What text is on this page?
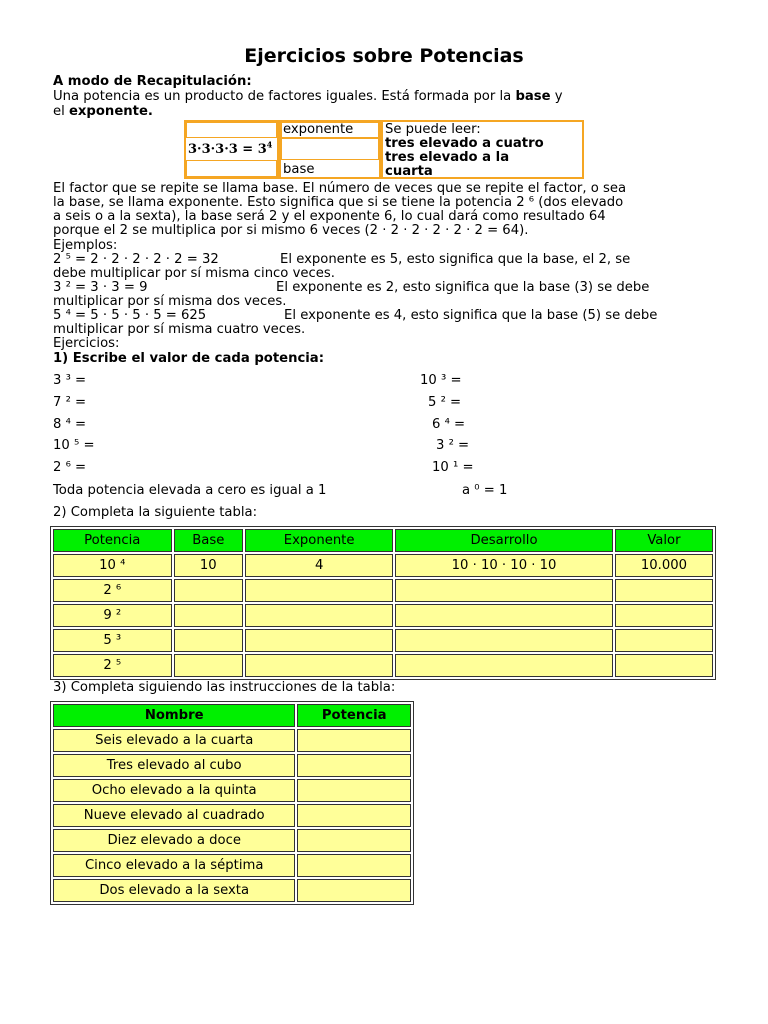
Ejercicios sobre Potencias
A modo de Recapitulación:
Una potencia es un producto de factores iguales. Está formada por la base y
el exponente.
$3\cdot 3\cdot 3\cdot 3 = 3^4$
exponente
base
Se puede leer:
tres elevado a cuatro
tres elevado a la
cuarta
El factor que se repite se llama base. El número de veces que se repite el factor, o sea
la base, se llama exponente. Esto significa que si se tiene la potencia 2 ⁶ (dos elevado
a seis o a la sexta), la base será 2 y el exponente 6, lo cual dará como resultado 64
porque el 2 se multiplica por si mismo 6 veces (2 · 2 · 2 · 2 · 2 · 2 = 64).
Ejemplos:
2 ⁵ = 2 · 2 · 2 · 2 · 2 = 32	El exponente es 5, esto significa que la base, el 2, se
debe multiplicar por sí misma cinco veces.
3 ² = 3 · 3 = 9	El exponente es 2, esto significa que la base (3) se debe
multiplicar por sí misma dos veces.
5 ⁴ = 5 · 5 · 5 · 5 = 625	El exponente es 4, esto significa que la base (5) se debe
multiplicar por sí misma cuatro veces.
Ejercicios:
1) Escribe el valor de cada potencia:
3 ³ =
7 ² =
8 ⁴ =
10 ⁵ =
2 ⁶ =
10 ³ =
5 ² =
6 ⁴ =
3 ² =
10 ¹ =
Toda potencia elevada a cero es igual a 1	a ⁰ = 1
2) Completa la siguiente tabla:
Potencia	Base	Exponente	Desarrollo	Valor
10 ⁴	10	4	10 · 10 · 10 · 10	10.000
2 ⁶				
9 ²				
5 ³				
2 ⁵				
3) Completa siguiendo las instrucciones de la tabla:
Nombre	Potencia
Seis elevado a la cuarta	
Tres elevado al cubo	
Ocho elevado a la quinta	
Nueve elevado al cuadrado	
Diez elevado a doce	
Cinco elevado a la séptima	
Dos elevado a la sexta	
